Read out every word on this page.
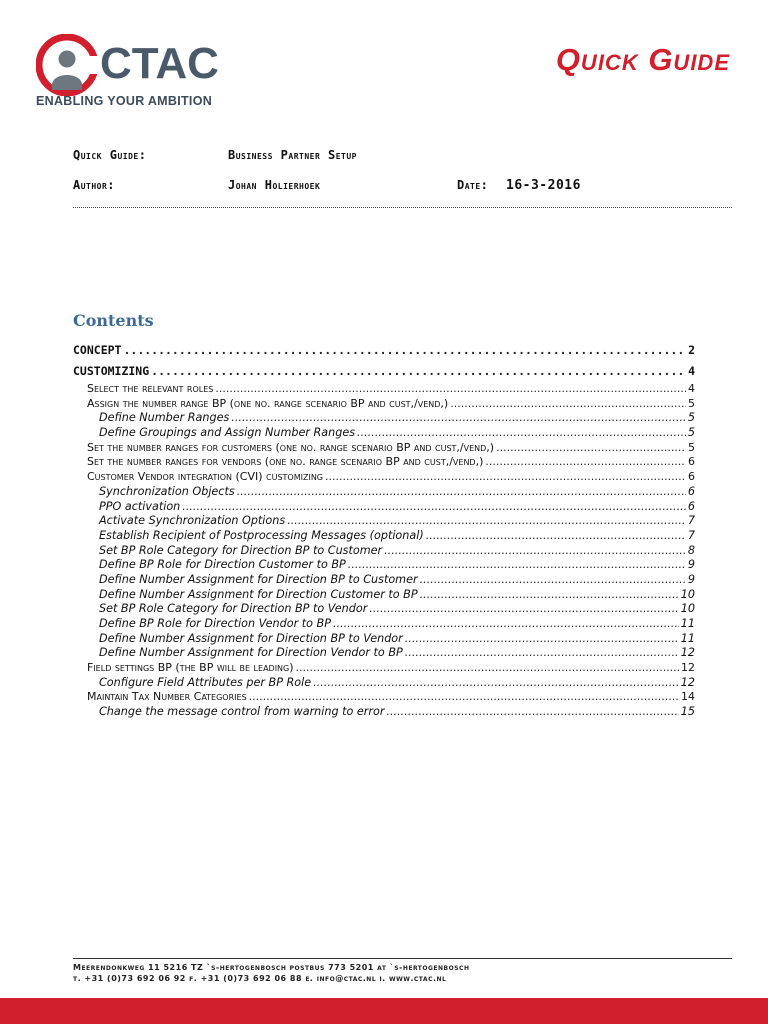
CTAC
ENABLING YOUR AMBITION
Quick Guide
Quick Guide:	Business Partner Setup
Author:	Johan Holierhoek	Date: 16-3-2016
Contents
CONCEPT .....	2
CUSTOMIZING .....	4
Select the relevant roles .....	4
Assign the number range BP (one no. range scenario BP and cust,/vend,) .....	5
Define Number Ranges .....	5
Define Groupings and Assign Number Ranges .....	5
Set the number ranges for customers (one no. range scenario BP and cust,/vend,) .....	5
Set the number ranges for vendors (one no. range scenario BP and cust,/vend,) .....	6
Customer Vendor integration (CVI) customizing .....	6
Synchronization Objects .....	6
PPO activation .....	6
Activate Synchronization Options .....	7
Establish Recipient of Postprocessing Messages (optional) .....	7
Set BP Role Category for Direction BP to Customer .....	8
Define BP Role for Direction Customer to BP .....	9
Define Number Assignment for Direction BP to Customer .....	9
Define Number Assignment for Direction Customer to BP .....	10
Set BP Role Category for Direction BP to Vendor .....	10
Define BP Role for Direction Vendor to BP .....	11
Define Number Assignment for Direction BP to Vendor .....	11
Define Number Assignment for Direction Vendor to BP .....	12
Field settings BP (the BP will be leading) .....	12
Configure Field Attributes per BP Role .....	12
Maintain Tax Number Categories .....	14
Change the message control from warning to error .....	15
Meerendonkweg 11 5216 TZ `s-hertogenbosch postbus 773 5201 at `s-hertogenbosch
t. +31 (0)73 692 06 92 f. +31 (0)73 692 06 88 e. info@ctac.nl i. www.ctac.nl
